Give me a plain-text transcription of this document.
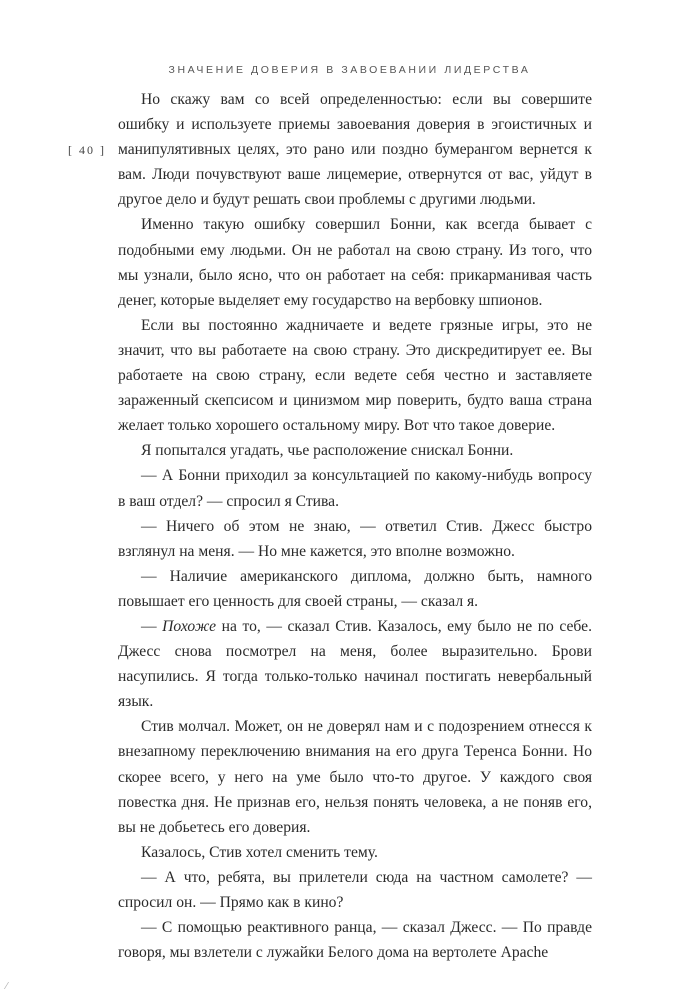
ЗНАЧЕНИЕ ДОВЕРИЯ В ЗАВОЕВАНИИ ЛИДЕРСТВА
[ 40 ]

Но скажу вам со всей определенностью: если вы совершите ошибку и используете приемы завоевания доверия в эгоистичных и манипулятивных целях, это рано или поздно бумерангом вернется к вам. Люди почувствуют ваше лицемерие, отвернутся от вас, уйдут в другое дело и будут решать свои проблемы с другими людьми.

Именно такую ошибку совершил Бонни, как всегда бывает с подобными ему людьми. Он не работал на свою страну. Из того, что мы узнали, было ясно, что он работает на себя: прикарманивая часть денег, которые выделяет ему государство на вербовку шпионов.

Если вы постоянно жадничаете и ведете грязные игры, это не значит, что вы работаете на свою страну. Это дискредитирует ее. Вы работаете на свою страну, если ведете себя честно и заставляете зараженный скепсисом и цинизмом мир поверить, будто ваша страна желает только хорошего остальному миру. Вот что такое доверие.

Я попытался угадать, чье расположение снискал Бонни.

— А Бонни приходил за консультацией по какому-нибудь вопросу в ваш отдел? — спросил я Стива.

— Ничего об этом не знаю, — ответил Стив. Джесс быстро взглянул на меня. — Но мне кажется, это вполне возможно.

— Наличие американского диплома, должно быть, намного повышает его ценность для своей страны, — сказал я.

— Похоже на то, — сказал Стив. Казалось, ему было не по себе. Джесс снова посмотрел на меня, более выразительно. Брови насупились. Я тогда только-только начинал постигать невербальный язык.

Стив молчал. Может, он не доверял нам и с подозрением отнесся к внезапному переключению внимания на его друга Теренса Бонни. Но скорее всего, у него на уме было что-то другое. У каждого своя повестка дня. Не признав его, нельзя понять человека, а не поняв его, вы не добьетесь его доверия.

Казалось, Стив хотел сменить тему.

— А что, ребята, вы прилетели сюда на частном самолете? — спросил он. — Прямо как в кино?

— С помощью реактивного ранца, — сказал Джесс. — По правде говоря, мы взлетели с лужайки Белого дома на вертолете Apache

⁄
